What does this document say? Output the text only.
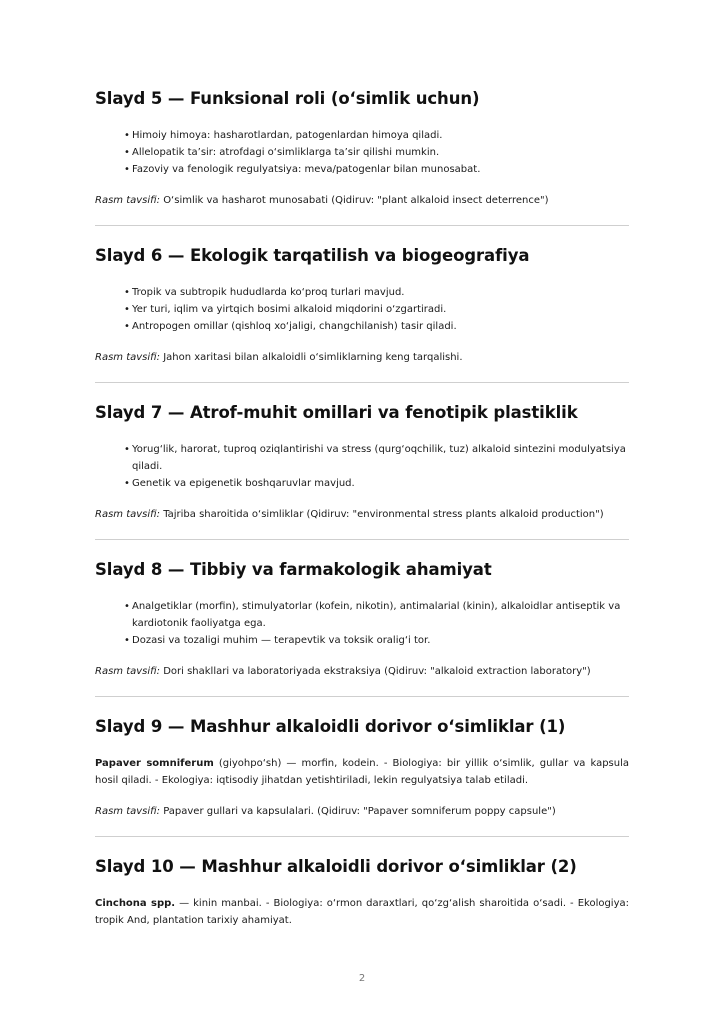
Slayd 5 — Funksional roli (o‘simlik uchun)
• Himoiy himoya: hasharotlardan, patogenlardan himoya qiladi.
• Allelopatik ta’sir: atrofdagi o‘simliklarga ta’sir qilishi mumkin.
• Fazoviy va fenologik regulyatsiya: meva/patogenlar bilan munosabat.

Rasm tavsifi: O‘simlik va hasharot munosabati (Qidiruv: "plant alkaloid insect deterrence")

Slayd 6 — Ekologik tarqatilish va biogeografiya
• Tropik va subtropik hududlarda ko‘proq turlari mavjud.
• Yer turi, iqlim va yirtqich bosimi alkaloid miqdorini o‘zgartiradi.
• Antropogen omillar (qishloq xo‘jaligi, changchilanish) tasir qiladi.

Rasm tavsifi: Jahon xaritasi bilan alkaloidli o‘simliklarning keng tarqalishi.

Slayd 7 — Atrof-muhit omillari va fenotipik plastiklik
• Yorug‘lik, harorat, tuproq oziqlantirishi va stress (qurg‘oqchilik, tuz) alkaloid sintezini modulyatsiya qiladi.
• Genetik va epigenetik boshqaruvlar mavjud.

Rasm tavsifi: Tajriba sharoitida o‘simliklar (Qidiruv: "environmental stress plants alkaloid production")

Slayd 8 — Tibbiy va farmakologik ahamiyat
• Analgetiklar (morfin), stimulyatorlar (kofein, nikotin), antimalarial (kinin), alkaloidlar antiseptik va kardiotonik faoliyatga ega.
• Dozasi va tozaligi muhim — terapevtik va toksik oralig‘i tor.

Rasm tavsifi: Dori shakllari va laboratoriyada ekstraksiya (Qidiruv: "alkaloid extraction laboratory")

Slayd 9 — Mashhur alkaloidli dorivor o‘simliklar (1)

Papaver somniferum (giyohpo‘sh) — morfin, kodein. - Biologiya: bir yillik o‘simlik, gullar va kapsula hosil qiladi. - Ekologiya: iqtisodiy jihatdan yetishtiriladi, lekin regulyatsiya talab etiladi.

Rasm tavsifi: Papaver gullari va kapsulalari. (Qidiruv: "Papaver somniferum poppy capsule")

Slayd 10 — Mashhur alkaloidli dorivor o‘simliklar (2)

Cinchona spp. — kinin manbai. - Biologiya: o‘rmon daraxtlari, qo‘zg‘alish sharoitida o‘sadi. - Ekologiya: tropik And, plantation tarixiy ahamiyat.

2
